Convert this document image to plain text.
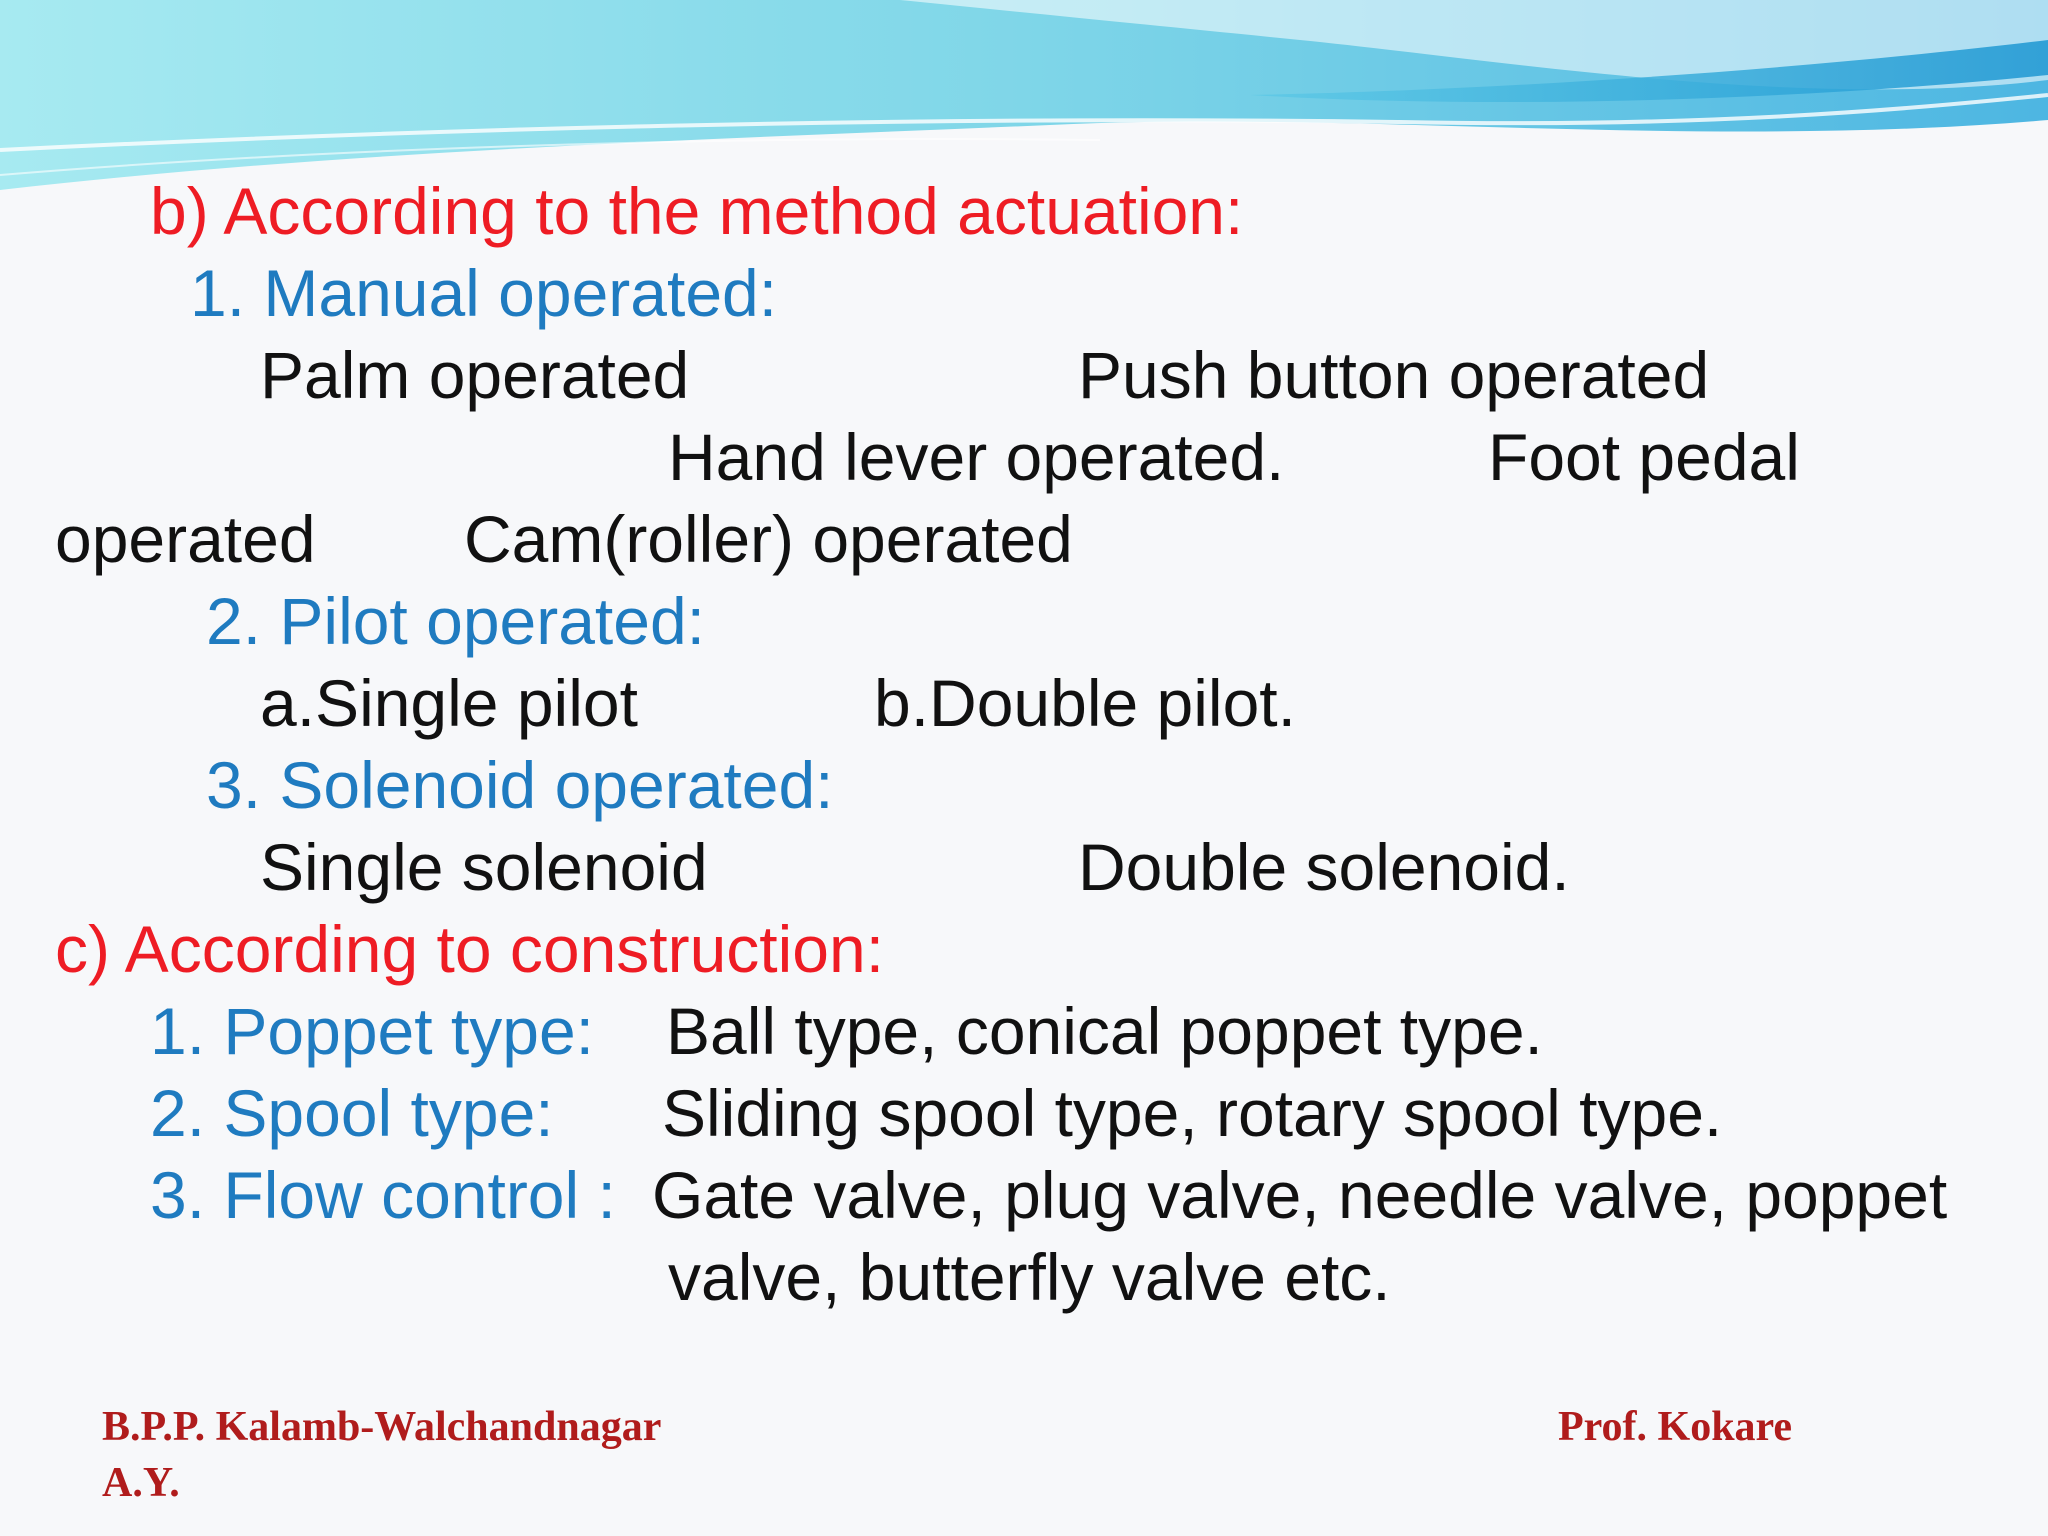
b) According to the method actuation:
1. Manual operated:
Palm operated	Push button operated
Hand lever operated.	Foot pedal
operated Cam(roller) operated
2. Pilot operated:
a.Single pilot	b.Double pilot.
3. Solenoid operated:
Single solenoid	Double solenoid.
c) According to construction:
1. Poppet type: Ball type, conical poppet type.
2. Spool type: Sliding spool type, rotary spool type.
3. Flow control : Gate valve, plug valve, needle valve, poppet
valve, butterfly valve etc.
B.P.P. Kalamb-Walchandnagar
A.Y.
Prof. Kokare
